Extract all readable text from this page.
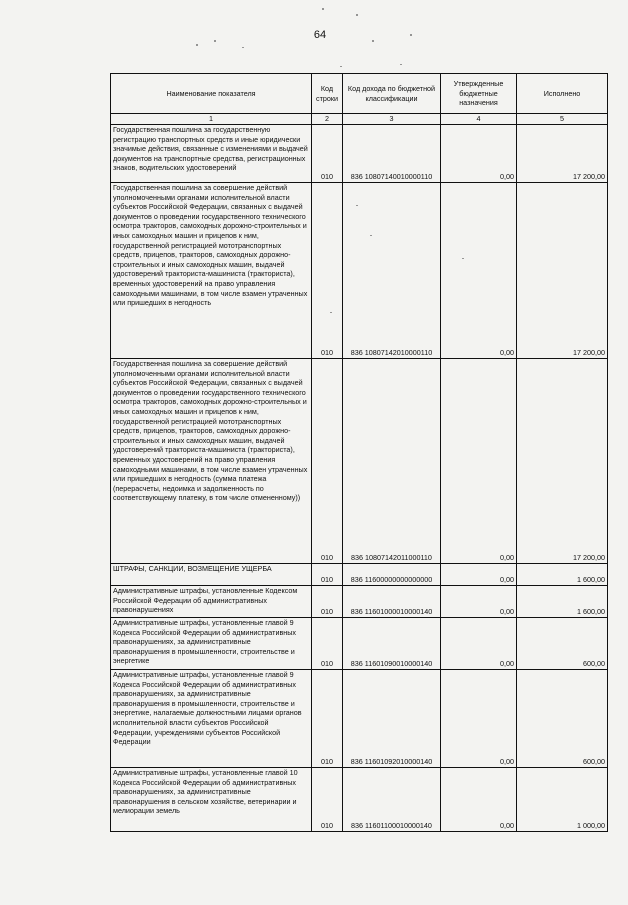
64
Наименование показателя	Код строки	Код дохода по бюджетной классификации	Утвержденные бюджетные назначения	Исполнено
1	2	3	4	5
Государственная пошлина за государственную регистрацию транспортных средств и иные юридически значимые действия, связанные с изменениями и выдачей документов на транспортные средства, регистрационных знаков, водительских удостоверений	010	836 10807140010000110	0,00	17 200,00
Государственная пошлина за совершение действий уполномоченными органами исполнительной власти субъектов Российской Федерации, связанных с выдачей документов о проведении государственного технического осмотра тракторов, самоходных дорожно-строительных и иных самоходных машин и прицепов к ним, государственной регистрацией мототранспортных средств, прицепов, тракторов, самоходных дорожно-строительных и иных самоходных машин, выдачей удостоверений тракториста-машиниста (тракториста), временных удостоверений на право управления самоходными машинами, в том числе взамен утраченных или пришедших в негодность	010	836 10807142010000110	0,00	17 200,00
Государственная пошлина за совершение действий уполномоченными органами исполнительной власти субъектов Российской Федерации, связанных с выдачей документов о проведении государственного технического осмотра тракторов, самоходных дорожно-строительных и иных самоходных машин и прицепов к ним, государственной регистрацией мототранспортных средств, прицепов, тракторов, самоходных дорожно-строительных и иных самоходных машин, выдачей удостоверений тракториста-машиниста (тракториста), временных удостоверений на право управления самоходными машинами, в том числе взамен утраченных или пришедших в негодность (сумма платежа (перерасчеты, недоимка и задолженность по соответствующему платежу, в том числе отмененному))	010	836 10807142011000110	0,00	17 200,00
ШТРАФЫ, САНКЦИИ, ВОЗМЕЩЕНИЕ УЩЕРБА	010	836 11600000000000000	0,00	1 600,00
Административные штрафы, установленные Кодексом Российской Федерации об административных правонарушениях	010	836 11601000010000140	0,00	1 600,00
Административные штрафы, установленные главой 9 Кодекса Российской Федерации об административных правонарушениях, за административные правонарушения в промышленности, строительстве и энергетике	010	836 11601090010000140	0,00	600,00
Административные штрафы, установленные главой 9 Кодекса Российской Федерации об административных правонарушениях, за административные правонарушения в промышленности, строительстве и энергетике, налагаемые должностными лицами органов исполнительной власти субъектов Российской Федерации, учреждениями субъектов Российской Федерации	010	836 11601092010000140	0,00	600,00
Административные штрафы, установленные главой 10 Кодекса Российской Федерации об административных правонарушениях, за административные правонарушения в сельском хозяйстве, ветеринарии и мелиорации земель	010	836 11601100010000140	0,00	1 000,00
